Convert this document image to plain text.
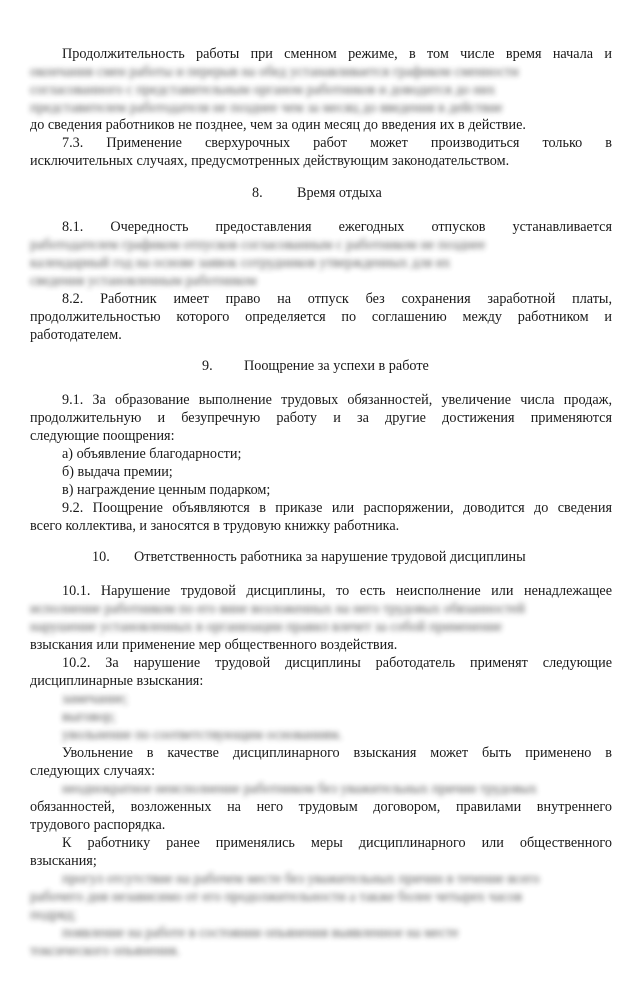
Продолжительность работы при сменном режиме, в том числе время начала и
окончания смен работы и перерыв на обед устанавливается графиком сменности
согласованного с представительным органом работников и доводится до них
представителем работодателя не позднее чем за месяц до введения в действие
до сведения работников не позднее, чем за один месяц до введения их в действие.
7.3. Применение сверхурочных работ может производиться только в
исключительных случаях, предусмотренных действующим законодательством.
8. Время отдыха
8.1. Очередность предоставления ежегодных отпусков устанавливается
работодателем графиком отпусков согласованным с работником не позднее
календарный год на основе заявок сотрудников утвержденных для их
сведения установленным работником
8.2. Работник имеет право на отпуск без сохранения заработной платы,
продолжительностью которого определяется по соглашению между работником и
работодателем.
9. Поощрение за успехи в работе
9.1. За образование выполнение трудовых обязанностей, увеличение числа продаж,
продолжительную и безупречную работу и за другие достижения применяются
следующие поощрения:
а) объявление благодарности;
б) выдача премии;
в) награждение ценным подарком;
9.2. Поощрение объявляются в приказе или распоряжении, доводится до сведения
всего коллектива, и заносятся в трудовую книжку работника.
10. Ответственность работника за нарушение трудовой дисциплины
10.1. Нарушение трудовой дисциплины, то есть неисполнение или ненадлежащее
исполнение работником по его вине возложенных на него трудовых обязанностей
нарушение установленных в организации правил влечет за собой применение
взыскания или применение мер общественного воздействия.
10.2. За нарушение трудовой дисциплины работодатель применят следующие
дисциплинарные взыскания:
замечание;
выговор;
увольнение по соответствующим основаниям.
Увольнение в качестве дисциплинарного взыскания может быть применено в
следующих случаях:
неоднократное неисполнение работником без уважительных причин трудовых
обязанностей, возложенных на него трудовым договором, правилами внутреннего
трудового распорядка.
К работнику ранее применялись меры дисциплинарного или общественного
взыскания;
прогул отсутствие на рабочем месте без уважительных причин в течение всего
рабочего дня независимо от его продолжительности а также более четырех часов
подряд;
появление на работе в состоянии опьянения выявленное на месте
токсического опьянения.
